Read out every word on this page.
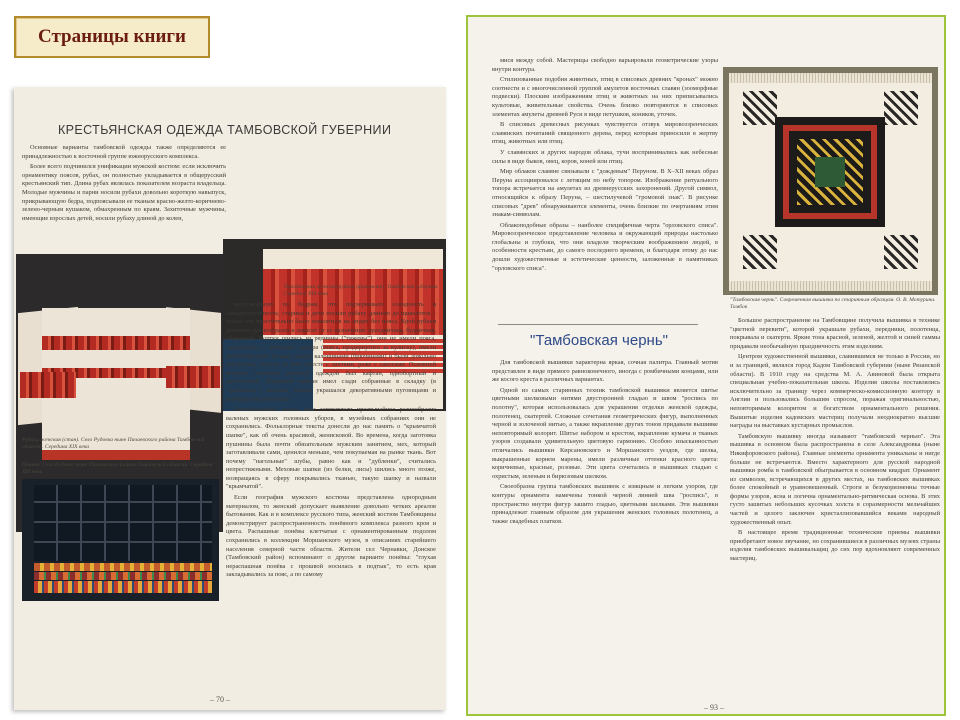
Страницы книги
КРЕСТЬЯНСКАЯ ОДЕЖДА ТАМБОВСКОЙ ГУБЕРНИИ

Основные варианты тамбовской одежды также определяются ее принадлежностью к восточной группе южнорусского комплекса.

Более всего подчинился унификации мужской костюм: если исключить орнаментику поясов, рубах, он полностью укладывается в общерусский крестьянский тип. Длина рубах являлась показателем возраста владельца. Молодые мужчины и парни носили рубахи довольно короткую навыпуск, прикрывающую бедра, подпоясывали ее тканым красно-желто-коричнево-зелено-черным кушаком, обмахренным по краям. Захиточные мужчины, имеющие взрослых детей, носили рубаху длиной до колен,

Праздничная женская рубаха (фрагмент). Тамбовская губерния. Середина XIX века
Рубаха женская (стан). Село Рудовка ныне Пичаевского района Тамбовской области. Середина XIX века
Понева. Село Рудовка ныне Пичаевского района Тамбовской области. Середина XIX века

подпоясанную по бедрам, что подчеркивало солидность и самодостаточность; старики и дети носили рубаху длиною до щиколоток – только им простительно было появляться на людях без пояса. Крой рубахи довольно разнообразен и зависит от ее назначения: праздничная, будничная, обрядовая. Портки шились из рядинны ("тяжемы"), они не имели пояса, укреплялись с помощью ушкура (пояса, продернутого за кулиску), имели ромбообразную вставку между калошинами (брючинами) и были довольно короткими, носили на ноге вместе с лаптями, реже с сапогами. Основной верхней сезонной мужской одеждой был кафтан, однобортный и двубортный. Нарядный кафтан имел сзади собранные в складку (в "грибатому") полочки, иногда украшался декоративными пуговицами и тамбурными розетками.

Фотообъективы начала века запечатлели чрезвычайное разнообразие валеных мужских головных уборов, в музейных собраниях они не сохранились. Фольклорные тексты донесли до нас память о "крымчатой шапке", как об очень красивой, женисковой. Во времена, когда заготовка пушнины была почти обязательным мужским занятием, мех, который заготавливали сами, ценился меньше, чем покупаемая на рынке ткань. Вот почему "нагольные" шубы, равно как и "дубленки", считались непрестижными. Меховые шапки (из белки, лисы) шились много позже, возвращаясь в сферу покрывались тканью, такую шапку и назвали "крымчатой".

Если география мужского костюма представлена однородным материалом, то женский допускает выявление довольно четких ареалов бытования. Как и в комплексе русского типа, женский костюм Тамбовщины демонстрирует распространенность понёвного комплекса разного кроя и цвета. Распашные понёвы клетчатые с орнаментированным подолом сохранились в коллекции Моршанского музея, в описаниях старейшего населения северной части области. Жители сел Чернавки, Донское (Тамбовский район) вспоминают о другом варианте понёвы: "глухая нераспашная понёва с прошвой носилась в подтык", то есть края закладывались за пояс, а по самому

– 70 –

мися между собой. Мастерицы свободно варьировали геометрические узоры внутри контура.

Стилизованные подобия животных, птиц в списовых древних "кронах" можно соотнести и с многочисленной группой амулетов восточных славян (зооморфные подвески). Плоским изображениям птиц и животных на них приписывались культовые, живительные свойства. Очень близко повторяются в списовых элементах амулеты древней Руси в виде петушков, коников, уточек.

В списовых древесных рисунках чувствуется отзвук мировоззренческих славянских почитаний священного дерева, перед которым приносили в жертву птиц, животных или птиц.

У славянских и других народов облака, тучи воспринимались как небесные силы в виде быков, овец, коров, коней или птиц.

Мир облаков славяне связывали с "дождевым" Перуном. В X–XII веках образ Перуна ассоциировался с летящим по небу топором. Изображение ритуального топора встречается на амулетах из древнерусских захоронений. Другой символ, относящийся к образу Перуна, – шестилучевой "громовой знак". В рисунке списовых "древ" обнаруживаются элементы, очень близкие по очертаниям этим знакам-символам.

Облакоподобные образы – наиболее специфичная черта "орловского списа". Мировоззренческое представление человека и окружающей природы настолько глобальны и глубоки, что они владели творческим воображением людей, в особенности крестьян, до самого последнего времени, и благодаря этому до нас дошли художественные и эстетические ценности, заложенные в памятниках "орловского списа".

"Тамбовская чернь". Современная вышивка по старинным образцам. О. В. Мотурина. Тамбов
"Тамбовская чернь"

Для тамбовской вышивки характерна яркая, сочная палитра. Главный мотив представлен в виде прямого равноконечного, иногда с ромбичными концами, или же косого креста в различных вариантах.

Одной из самых старинных техник тамбовской вышивки является шитье цветными шелковыми нитями двусторонней гладью и швом "роспись по полотну", которая использовалась для украшения отделки женской одежды, полотенец, скатертей. Сложные сочетания геометрических фигур, выполненных черной и золоченой нитью, а также вкрапление других тонов придавали вышивке неповторимый колорит. Шитье набором и крестом, вкрапление кумача и тканых узоров создавали удивительную цветовую гармонию. Особою изысканностью отличались вышивки Кирсановского и Моршанского уездов, где шелка, выкрашенные корнем марены, имели различные оттенки красного цвета: коричневые, красные, розовые. Эти цвета сочетались в вышивках гладью с охристым, зеленым и бирюзовым шелком.

Своеобразна группа тамбовских вышивок с изящным и легким узором, где контуры орнамента намечены тонкой черной линией шва "роспись", в пространство внутри фигур зашито гладью, цветными шелками. Эти вышивки принадлежат главным образом для украшения женских головных полотенец, а также свадебных платков.

Большое распространение на Тамбовщине получила вышивка в технике "цветной перевити", которой украшали рубахи, передники, полотенца, покрывала и скатерти. Яркие тона красной, зеленой, желтой и синей гаммы придавали необычайную праздничность этим изделиям.

Центром художественной вышивки, славившимся не только в России, но и за границей, являлся город Кадом Тамбовской губернии (ныне Рязанской области). В 1910 году на средства М. А. Авиновой была открыта специальная учебно-показательная школа. Изделия школы поставлялись исключительно за границу через коммерческо-комиссионную контору в Англии и пользовались большим спросом, поражая оригинальностью, неповторимым колоритом и богатством орнаментального решения. Вышитые изделия кадомских мастериц получали неоднократно высшие награды на выставках кустарных промыслов.

Тамбовскую вышивку иногда называют "тамбовской чернью". Эта вышивка в основном была распространена в селе Александровка (ныне Никифоровского района). Главные элементы орнамента уникальны и нигде больше не встречаются. Вместо характерного для русской народной вышивки ромба в тамбовской обыгрывается в основном квадрат. Орнамент из символов, встречающихся в других местах, на тамбовских вышивках более спокойный и уравновешенный. Строги и безукоризненны точные формы узоров, ясна и логична орнаментально-ритмическая основа. В этих густо зашитых небольших кусочках холста в соразмерности мельчайших частей и целого заключен кристаллизовавшийся веками народный художественный опыт.

В настоящее время традиционные технические приемы вышивки приобретают новое звучание, но сохранившиеся в различных музеях страны изделия тамбовских вышивальщиц до сих пор вдохновляют современных мастериц.

– 93 –
